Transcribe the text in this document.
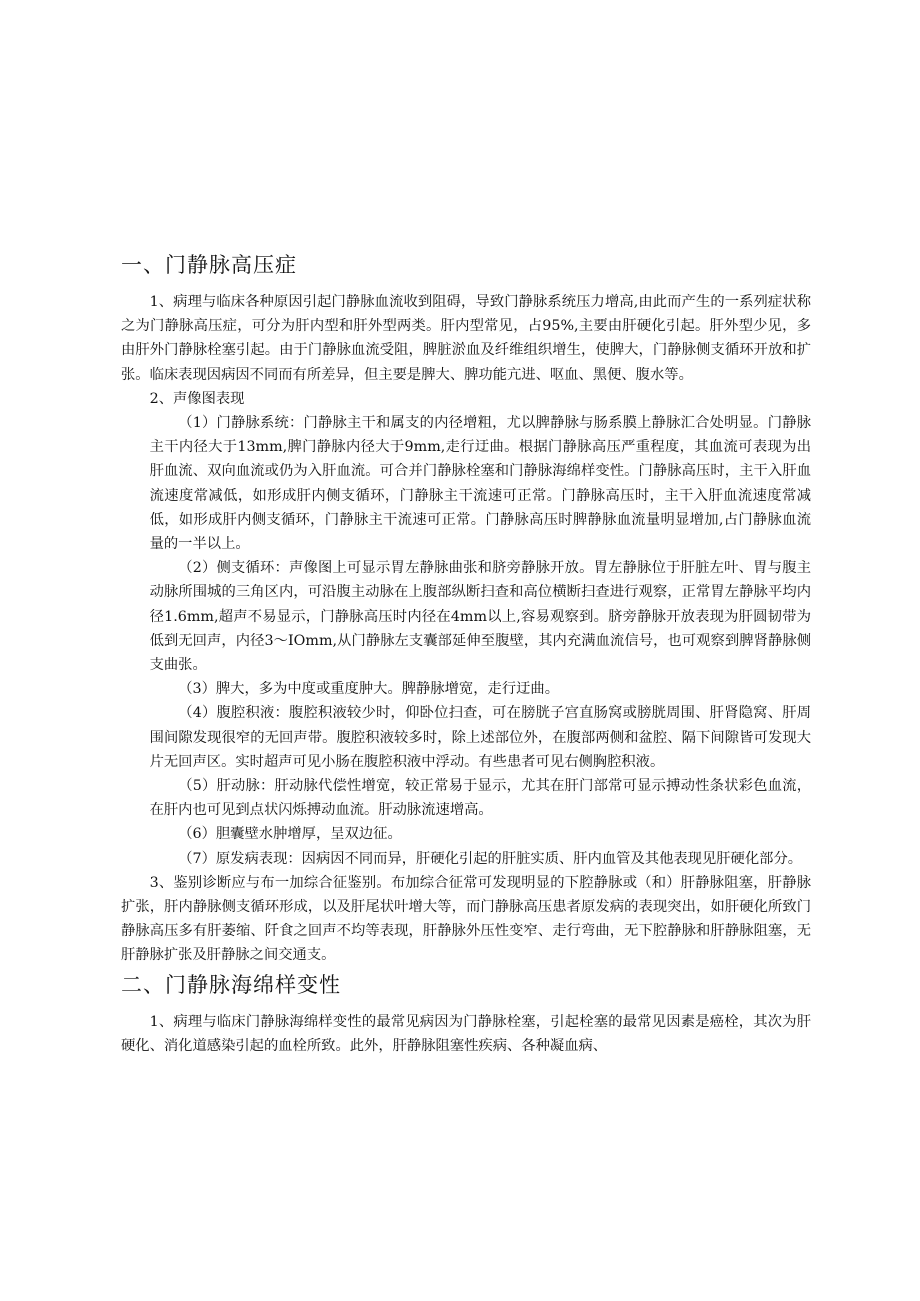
一、门静脉高压症

1、病理与临床各种原因引起门静脉血流收到阻碍，导致门静脉系统压力增高,由此而产生的一系列症状称之为门静脉高压症，可分为肝内型和肝外型两类。肝内型常见，占95%,主要由肝硬化引起。肝外型少见，多由肝外门静脉栓塞引起。由于门静脉血流受阻，脾脏淤血及纤维组织增生，使脾大，门静脉侧支循环开放和扩张。临床表现因病因不同而有所差异，但主要是脾大、脾功能亢进、呕血、黑便、腹水等。

2、声像图表现

（1）门静脉系统：门静脉主干和属支的内径增粗，尤以脾静脉与肠系膜上静脉汇合处明显。门静脉主干内径大于13mm,脾门静脉内径大于9mm,走行迂曲。根据门静脉高压严重程度，其血流可表现为出肝血流、双向血流或仍为入肝血流。可合并门静脉栓塞和门静脉海绵样变性。门静脉高压时，主干入肝血流速度常减低，如形成肝内侧支循环，门静脉主干流速可正常。门静脉高压时，主干入肝血流速度常减低，如形成肝内侧支循环，门静脉主干流速可正常。门静脉高压时脾静脉血流量明显增加,占门静脉血流量的一半以上。

（2）侧支循环：声像图上可显示胃左静脉曲张和脐旁静脉开放。胃左静脉位于肝脏左叶、胃与腹主动脉所围城的三角区内，可沿腹主动脉在上腹部纵断扫查和高位横断扫查进行观察，正常胃左静脉平均内径1.6mm,超声不易显示，门静脉高压时内径在4mm以上,容易观察到。脐旁静脉开放表现为肝圆韧带为低到无回声，内径3～IOmm,从门静脉左支囊部延伸至腹壁，其内充满血流信号，也可观察到脾肾静脉侧支曲张。

（3）脾大，多为中度或重度肿大。脾静脉增宽，走行迂曲。

（4）腹腔积液：腹腔积液较少时，仰卧位扫查，可在膀胱子宫直肠窝或膀胱周围、肝肾隐窝、肝周围间隙发现很窄的无回声带。腹腔积液较多时，除上述部位外，在腹部两侧和盆腔、隔下间隙皆可发现大片无回声区。实时超声可见小肠在腹腔积液中浮动。有些患者可见右侧胸腔积液。

（5）肝动脉：肝动脉代偿性增宽，较正常易于显示，尤其在肝门部常可显示搏动性条状彩色血流，在肝内也可见到点状闪烁搏动血流。肝动脉流速增高。

（6）胆囊壁水肿增厚，呈双边征。

（7）原发病表现：因病因不同而异，肝硬化引起的肝脏实质、肝内血管及其他表现见肝硬化部分。

3、鉴别诊断应与布一加综合征鉴别。布加综合征常可发现明显的下腔静脉或（和）肝静脉阻塞，肝静脉扩张，肝内静脉侧支循环形成，以及肝尾状叶增大等，而门静脉高压患者原发病的表现突出，如肝硬化所致门静脉高压多有肝萎缩、阡食之回声不均等表现，肝静脉外压性变窄、走行弯曲，无下腔静脉和肝静脉阻塞，无肝静脉扩张及肝静脉之间交通支。

二、门静脉海绵样变性

1、病理与临床门静脉海绵样变性的最常见病因为门静脉栓塞，引起栓塞的最常见因素是癌栓，其次为肝硬化、消化道感染引起的血栓所致。此外，肝静脉阻塞性疾病、各种凝血病、
